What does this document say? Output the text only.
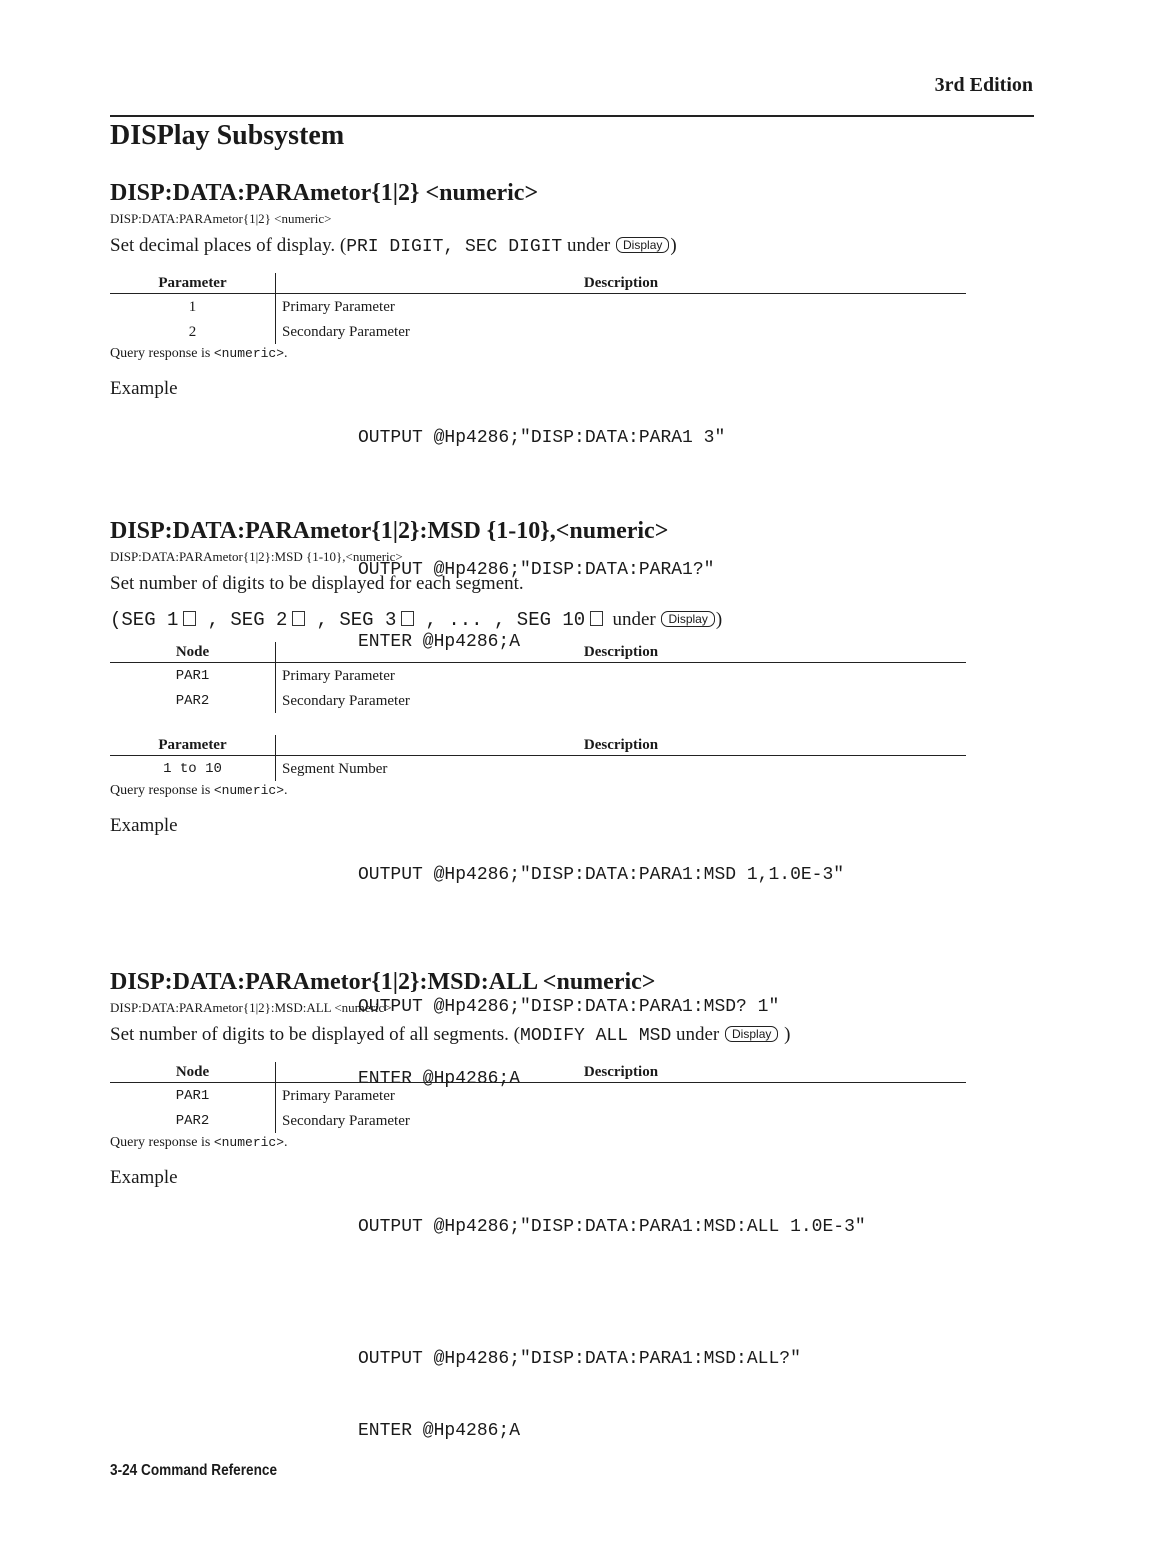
3rd Edition
DISPlay Subsystem
DISP:DATA:PARAmetor{1|2} <numeric>
DISP:DATA:PARAmetor{1|2} <numeric>
Set decimal places of display. (PRI DIGIT, SEC DIGIT under Display )
Parameter	Description
1	Primary Parameter
2	Secondary Parameter
Query response is <numeric>.
Example

OUTPUT @Hp4286;"DISP:DATA:PARA1 3"

OUTPUT @Hp4286;"DISP:DATA:PARA1?"

ENTER @Hp4286;A

DISP:DATA:PARAmetor{1|2}:MSD {1-10},<numeric>
DISP:DATA:PARAmetor{1|2}:MSD {1-10},<numeric>
Set number of digits to be displayed for each segment.
(SEG 1  , SEG 2  , SEG 3  , ... , SEG 10 under Display )
Node	Description
PAR1	Primary Parameter
PAR2	Secondary Parameter
Parameter	Description
1 to 10	Segment Number
Query response is <numeric>.
Example

OUTPUT @Hp4286;"DISP:DATA:PARA1:MSD 1,1.0E-3"

OUTPUT @Hp4286;"DISP:DATA:PARA1:MSD? 1"

ENTER @Hp4286;A

DISP:DATA:PARAmetor{1|2}:MSD:ALL <numeric>
DISP:DATA:PARAmetor{1|2}:MSD:ALL <numeric>
Set number of digits to be displayed of all segments. (MODIFY ALL MSD under Display )
Node	Description
PAR1	Primary Parameter
PAR2	Secondary Parameter
Query response is <numeric>.
Example

OUTPUT @Hp4286;"DISP:DATA:PARA1:MSD:ALL 1.0E-3"

OUTPUT @Hp4286;"DISP:DATA:PARA1:MSD:ALL?"

ENTER @Hp4286;A

3-24 Command Reference
